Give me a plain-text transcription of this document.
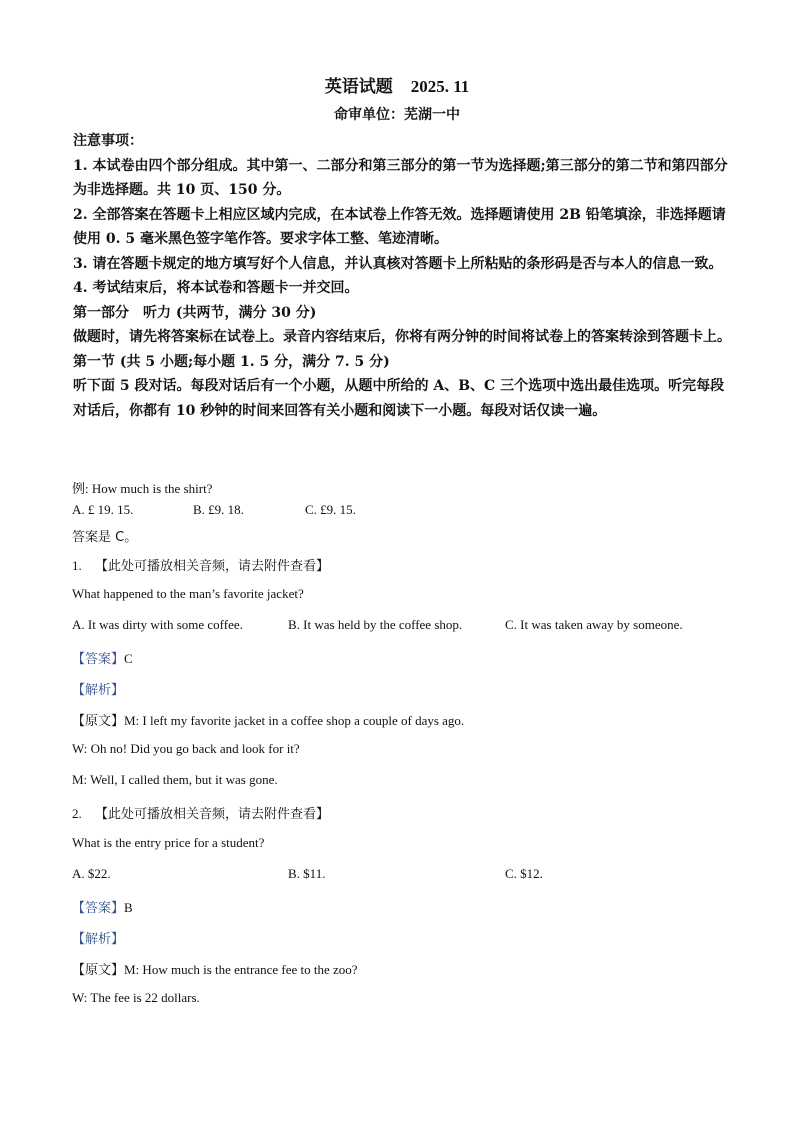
英语试题 2025. 11
命审单位：芜湖一中
注意事项：
1. 本试卷由四个部分组成。其中第一、二部分和第三部分的第一节为选择题;第三部分的第二节和第四部分为非选择题。共 10 页、150 分。
2. 全部答案在答题卡上相应区域内完成，在本试卷上作答无效。选择题请使用 2B 铅笔填涂，非选择题请使用 0. 5 毫米黑色签字笔作答。要求字体工整、笔迹清晰。
3. 请在答题卡规定的地方填写好个人信息，并认真核对答题卡上所粘贴的条形码是否与本人的信息一致。
4. 考试结束后，将本试卷和答题卡一并交回。
第一部分　听力 (共两节，满分 30 分)
做题时，请先将答案标在试卷上。录音内容结束后，你将有两分钟的时间将试卷上的答案转涂到答题卡上。
第一节 (共 5 小题;每小题 1. 5 分，满分 7. 5 分)
听下面 5 段对话。每段对话后有一个小题，从题中所给的 A、B、C 三个选项中选出最佳选项。听完每段对话后，你都有 10 秒钟的时间来回答有关小题和阅读下一小题。每段对话仅读一遍。
例: How much is the shirt?
A. £ 19. 15.	B. £9. 18.	C. £9. 15.
答案是 C。
1. 【此处可播放相关音频，请去附件查看】
What happened to the man’s favorite jacket?
A. It was dirty with some coffee.	B. It was held by the coffee shop.	C. It was taken away by someone.
【答案】C
【解析】
【原文】M: I left my favorite jacket in a coffee shop a couple of days ago.
W: Oh no! Did you go back and look for it?
M: Well, I called them, but it was gone.
2. 【此处可播放相关音频，请去附件查看】
What is the entry price for a student?
A. $22.	B. $11.	C. $12.
【答案】B
【解析】
【原文】M: How much is the entrance fee to the zoo?
W: The fee is 22 dollars.
